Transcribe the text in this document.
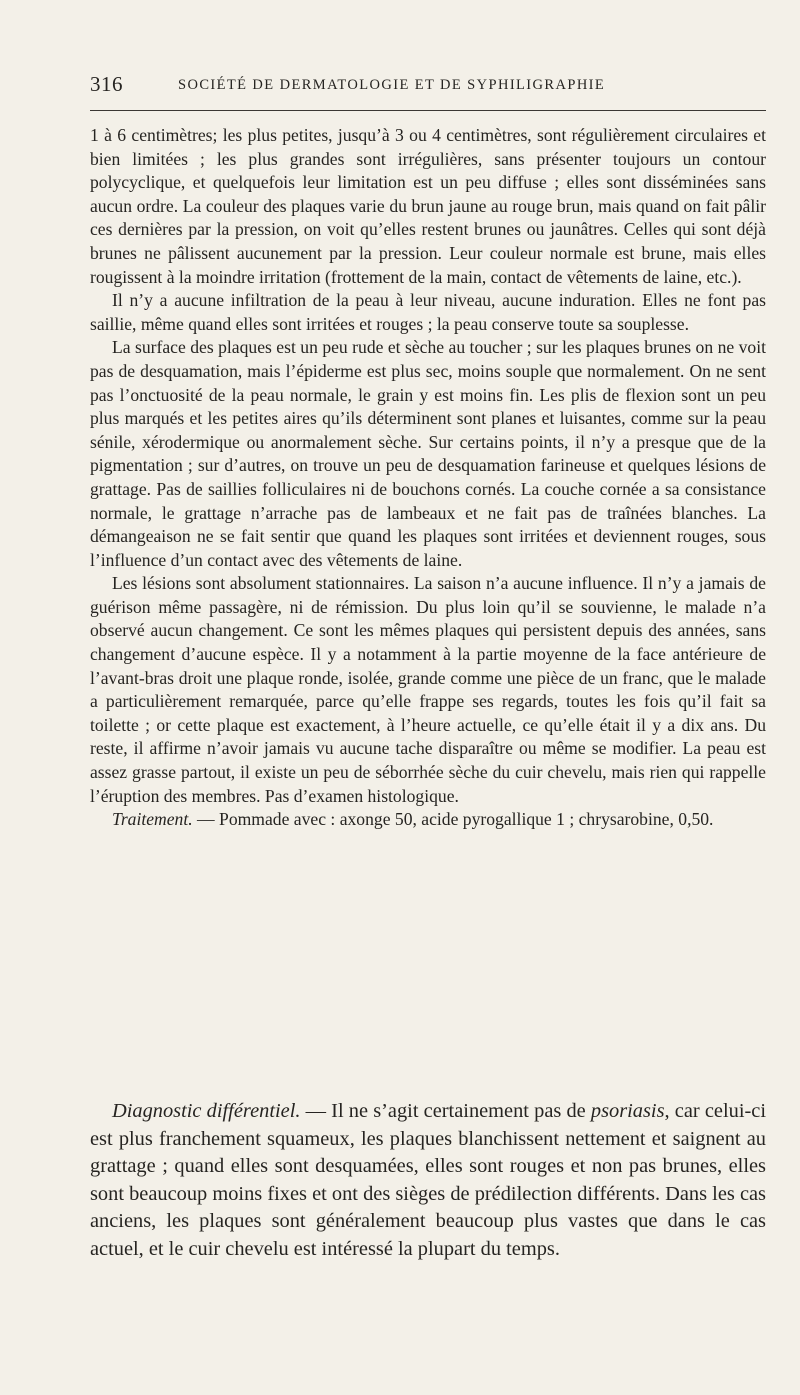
316	SOCIÉTÉ DE DERMATOLOGIE ET DE SYPHILIGRAPHIE

1 à 6 centimètres; les plus petites, jusqu’à 3 ou 4 centimètres, sont régulièrement circulaires et bien limitées ; les plus grandes sont irrégulières, sans présenter toujours un contour polycyclique, et quelquefois leur limitation est un peu diffuse ; elles sont disséminées sans aucun ordre. La couleur des plaques varie du brun jaune au rouge brun, mais quand on fait pâlir ces dernières par la pression, on voit qu’elles restent brunes ou jaunâtres. Celles qui sont déjà brunes ne pâlissent aucunement par la pression. Leur couleur normale est brune, mais elles rougissent à la moindre irritation (frottement de la main, contact de vêtements de laine, etc.).

Il n’y a aucune infiltration de la peau à leur niveau, aucune induration. Elles ne font pas saillie, même quand elles sont irritées et rouges ; la peau conserve toute sa souplesse.

La surface des plaques est un peu rude et sèche au toucher ; sur les plaques brunes on ne voit pas de desquamation, mais l’épiderme est plus sec, moins souple que normalement. On ne sent pas l’onctuosité de la peau normale, le grain y est moins fin. Les plis de flexion sont un peu plus marqués et les petites aires qu’ils déterminent sont planes et luisantes, comme sur la peau sénile, xérodermique ou anormalement sèche. Sur certains points, il n’y a presque que de la pigmentation ; sur d’autres, on trouve un peu de desquamation farineuse et quelques lésions de grattage. Pas de saillies folliculaires ni de bouchons cornés. La couche cornée a sa consistance normale, le grattage n’arrache pas de lambeaux et ne fait pas de traînées blanches. La démangeaison ne se fait sentir que quand les plaques sont irritées et deviennent rouges, sous l’influence d’un contact avec des vêtements de laine.

Les lésions sont absolument stationnaires. La saison n’a aucune influence. Il n’y a jamais de guérison même passagère, ni de rémission. Du plus loin qu’il se souvienne, le malade n’a observé aucun changement. Ce sont les mêmes plaques qui persistent depuis des années, sans changement d’aucune espèce. Il y a notamment à la partie moyenne de la face antérieure de l’avant-bras droit une plaque ronde, isolée, grande comme une pièce de un franc, que le malade a particulièrement remarquée, parce qu’elle frappe ses regards, toutes les fois qu’il fait sa toilette ; or cette plaque est exactement, à l’heure actuelle, ce qu’elle était il y a dix ans. Du reste, il affirme n’avoir jamais vu aucune tache disparaître ou même se modifier. La peau est assez grasse partout, il existe un peu de séborrhée sèche du cuir chevelu, mais rien qui rappelle l’éruption des membres. Pas d’examen histologique.

Traitement. — Pommade avec : axonge 50, acide pyrogallique 1 ; chrysarobine, 0,50.

Diagnostic différentiel. — Il ne s’agit certainement pas de psoriasis, car celui-ci est plus franchement squameux, les plaques blanchissent nettement et saignent au grattage ; quand elles sont desquamées, elles sont rouges et non pas brunes, elles sont beaucoup moins fixes et ont des sièges de prédilection différents. Dans les cas anciens, les plaques sont généralement beaucoup plus vastes que dans le cas actuel, et le cuir chevelu est intéressé la plupart du temps.
